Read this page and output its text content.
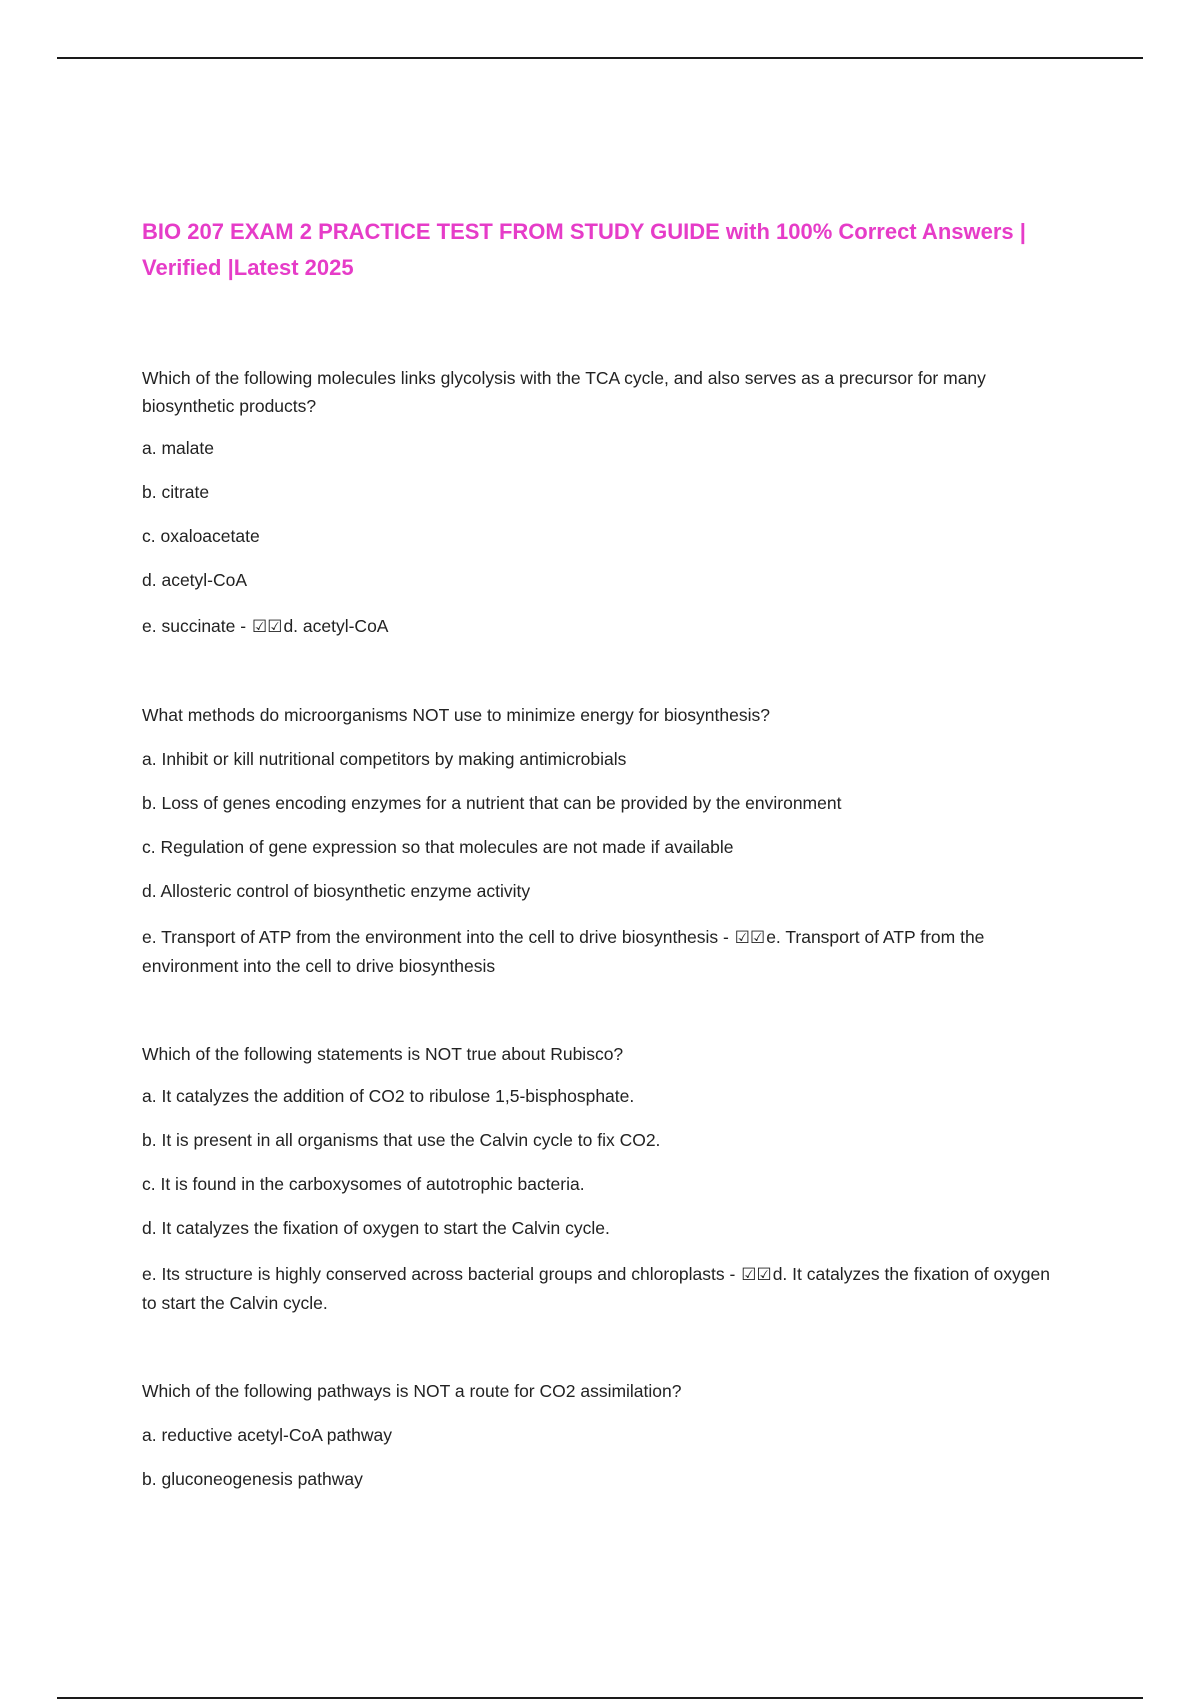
BIO 207 EXAM 2 PRACTICE TEST FROM STUDY GUIDE with 100% Correct Answers | Verified |Latest 2025

Which of the following molecules links glycolysis with the TCA cycle, and also serves as a precursor for many biosynthetic products?

a. malate

b. citrate

c. oxaloacetate

d. acetyl-CoA

e. succinate - ☑☑d. acetyl-CoA

What methods do microorganisms NOT use to minimize energy for biosynthesis?

a. Inhibit or kill nutritional competitors by making antimicrobials

b. Loss of genes encoding enzymes for a nutrient that can be provided by the environment

c. Regulation of gene expression so that molecules are not made if available

d. Allosteric control of biosynthetic enzyme activity

e. Transport of ATP from the environment into the cell to drive biosynthesis - ☑☑e. Transport of ATP from the environment into the cell to drive biosynthesis

Which of the following statements is NOT true about Rubisco?

a. It catalyzes the addition of CO2 to ribulose 1,5-bisphosphate.

b. It is present in all organisms that use the Calvin cycle to fix CO2.

c. It is found in the carboxysomes of autotrophic bacteria.

d. It catalyzes the fixation of oxygen to start the Calvin cycle.

e. Its structure is highly conserved across bacterial groups and chloroplasts - ☑☑d. It catalyzes the fixation of oxygen to start the Calvin cycle.

Which of the following pathways is NOT a route for CO2 assimilation?

a. reductive acetyl-CoA pathway

b. gluconeogenesis pathway
